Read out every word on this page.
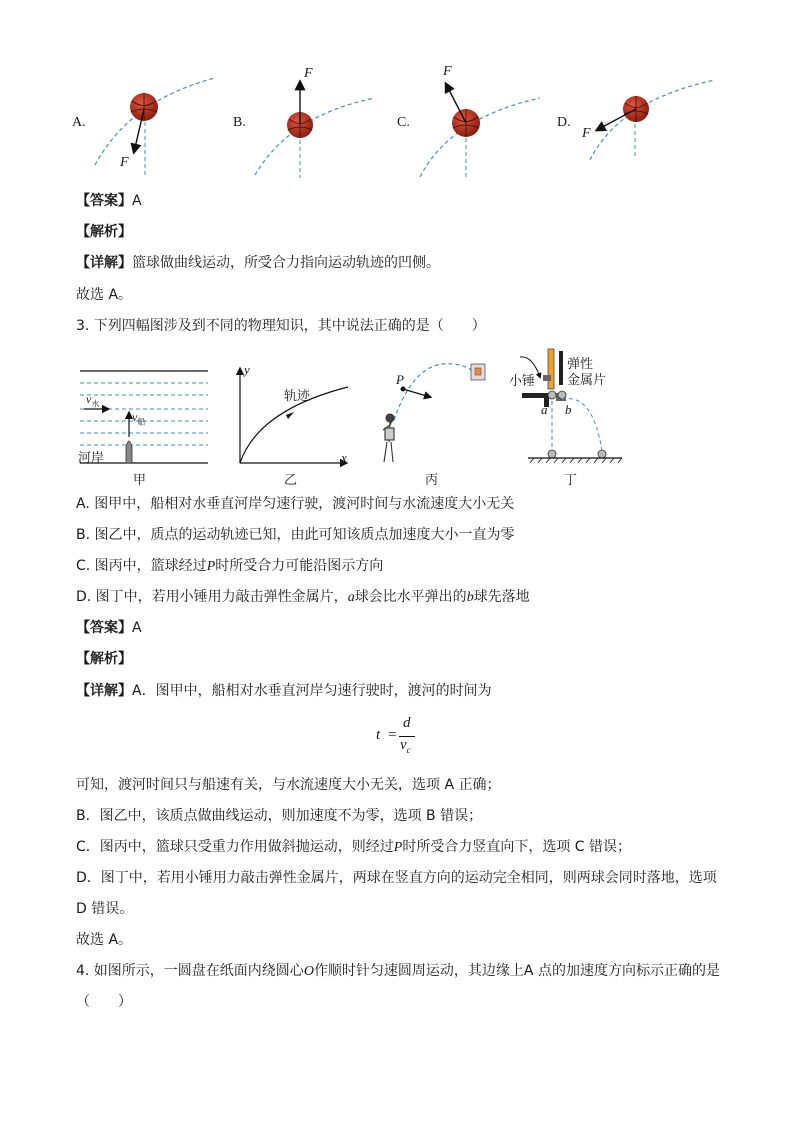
A.	B.	C.	D.
F
F	F
F
【答案】A
【解析】
【详解】篮球做曲线运动，所受合力指向运动轨迹的凹侧。
故选 A。
3. 下列四幅图涉及到不同的物理知识，其中说法正确的是（　　）
$v_水$
$v_船$
河岸
甲
y
x
轨迹
乙
P
丙
小锤
弹性
金属片
a b
丁
A. 图甲中，船相对水垂直河岸匀速行驶，渡河时间与水流速度大小无关
B. 图乙中，质点的运动轨迹已知，由此可知该质点加速度大小一直为零
C. 图丙中，篮球经过P时所受合力可能沿图示方向
D. 图丁中，若用小锤用力敲击弹性金属片，a球会比水平弹出的b球先落地
【答案】A
【解析】
【详解】A．图甲中，船相对水垂直河岸匀速行驶时，渡河的时间为
t =
d
$v_c$
可知，渡河时间只与船速有关，与水流速度大小无关，选项 A 正确；
B．图乙中，该质点做曲线运动，则加速度不为零，选项 B 错误；
C．图丙中，篮球只受重力作用做斜抛运动，则经过P时所受合力竖直向下，选项 C 错误；
D．图丁中，若用小锤用力敲击弹性金属片，两球在竖直方向的运动完全相同，则两球会同时落地，选项
D 错误。
故选 A。
4. 如图所示，一圆盘在纸面内绕圆心O作顺时针匀速圆周运动，其边缘上A 点的加速度方向标示正确的是
（　　）
